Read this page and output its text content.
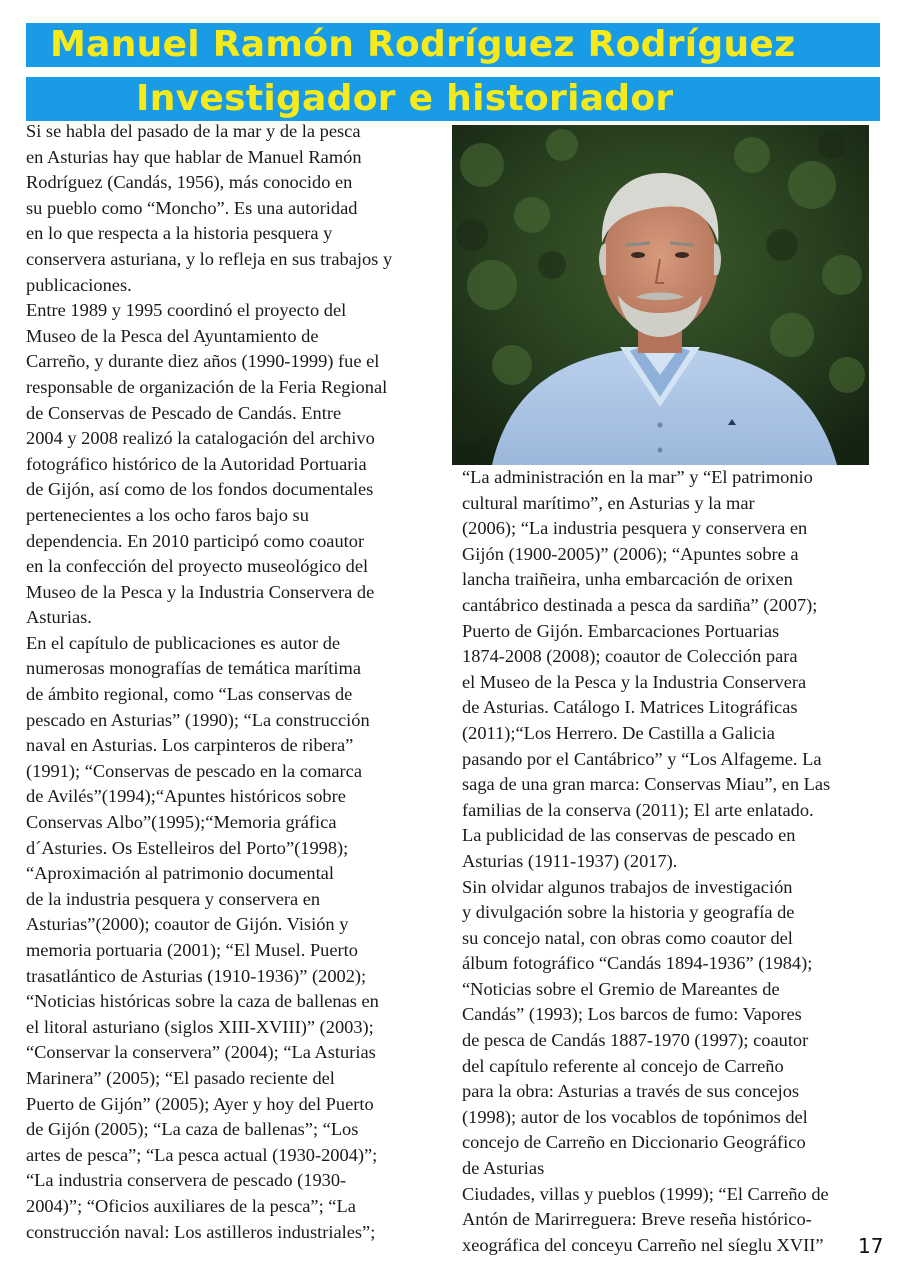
Manuel Ramón Rodríguez Rodríguez
Investigador e historiador
Si se habla del pasado de la mar y de la pesca
en Asturias hay que hablar de Manuel Ramón
Rodríguez (Candás, 1956), más conocido en
su pueblo como “Moncho”. Es una autoridad
en lo que respecta a la historia pesquera y
conservera asturiana, y lo refleja en sus trabajos y
publicaciones.
Entre 1989 y 1995 coordinó el proyecto del
Museo de la Pesca del Ayuntamiento de
Carreño, y durante diez años (1990-1999) fue el
responsable de organización de la Feria Regional
de Conservas de Pescado de Candás. Entre
2004 y 2008 realizó la catalogación del archivo
fotográfico histórico de la Autoridad Portuaria
de Gijón, así como de los fondos documentales
pertenecientes a los ocho faros bajo su
dependencia. En 2010 participó como coautor
en la confección del proyecto museológico del
Museo de la Pesca y la Industria Conservera de
Asturias.
En el capítulo de publicaciones es autor de
numerosas monografías de temática marítima
de ámbito regional, como “Las conservas de
pescado en Asturias” (1990); “La construcción
naval en Asturias. Los carpinteros de ribera”
(1991); “Conservas de pescado en la comarca
de Avilés”(1994);“Apuntes históricos sobre
Conservas Albo”(1995);“Memoria gráfica
d´Asturies. Os Estelleiros del Porto”(1998);
“Aproximación al patrimonio documental
de la industria pesquera y conservera en
Asturias”(2000); coautor de Gijón. Visión y
memoria portuaria (2001); “El Musel. Puerto
trasatlántico de Asturias (1910-1936)” (2002);
“Noticias históricas sobre la caza de ballenas en
el litoral asturiano (siglos XIII-XVIII)” (2003);
“Conservar la conservera” (2004); “La Asturias
Marinera” (2005); “El pasado reciente del
Puerto de Gijón” (2005); Ayer y hoy del Puerto
de Gijón (2005); “La caza de ballenas”; “Los
artes de pesca”; “La pesca actual (1930-2004)”;
“La industria conservera de pescado (1930-
2004)”; “Oficios auxiliares de la pesca”; “La
construcción naval: Los astilleros industriales”;
“La administración en la mar” y “El patrimonio
cultural marítimo”, en Asturias y la mar
(2006); “La industria pesquera y conservera en
Gijón (1900-2005)” (2006); “Apuntes sobre a
lancha traiñeira, unha embarcación de orixen
cantábrico destinada a pesca da sardiña” (2007);
Puerto de Gijón. Embarcaciones Portuarias
1874-2008 (2008); coautor de Colección para
el Museo de la Pesca y la Industria Conservera
de Asturias. Catálogo I. Matrices Litográficas
(2011);“Los Herrero. De Castilla a Galicia
pasando por el Cantábrico” y “Los Alfageme. La
saga de una gran marca: Conservas Miau”, en Las
familias de la conserva (2011); El arte enlatado.
La publicidad de las conservas de pescado en
Asturias (1911-1937) (2017).
Sin olvidar algunos trabajos de investigación
y divulgación sobre la historia y geografía de
su concejo natal, con obras como coautor del
álbum fotográfico “Candás 1894-1936” (1984);
“Noticias sobre el Gremio de Mareantes de
Candás” (1993); Los barcos de fumo: Vapores
de pesca de Candás 1887-1970 (1997); coautor
del capítulo referente al concejo de Carreño
para la obra: Asturias a través de sus concejos
(1998); autor de los vocablos de topónimos del
concejo de Carreño en Diccionario Geográfico
de Asturias
Ciudades, villas y pueblos (1999); “El Carreño de
Antón de Marirreguera: Breve reseña histórico-
xeográfica del conceyu Carreño nel síeglu XVII”	17
